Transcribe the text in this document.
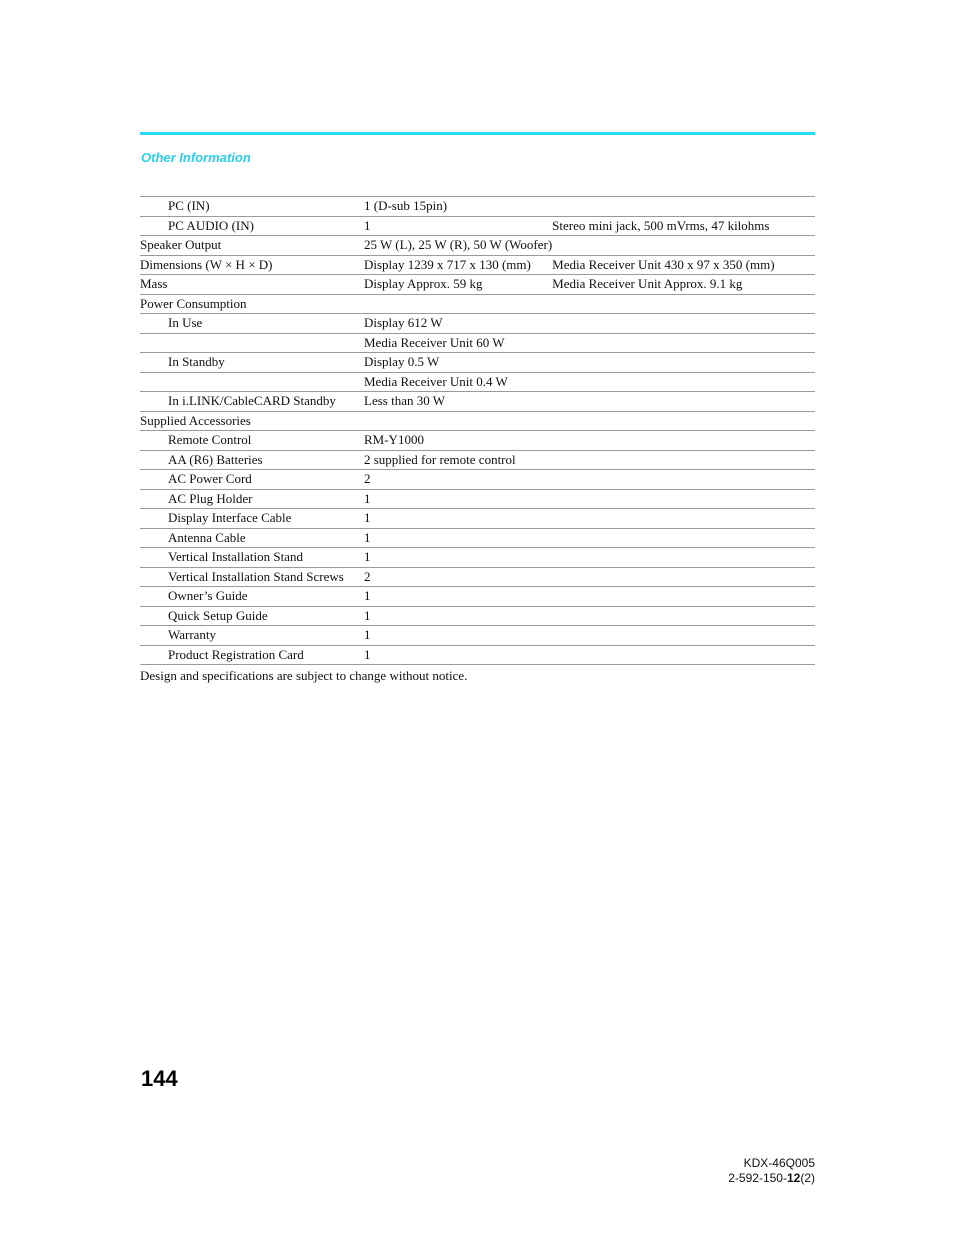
Other Information
PC (IN)	1 (D-sub 15pin)	
PC AUDIO (IN)	1	Stereo mini jack, 500 mVrms, 47 kilohms
Speaker Output	25 W (L), 25 W (R), 50 W (Woofer)	
Dimensions (W × H × D)	Display 1239 x 717 x 130 (mm)	Media Receiver Unit 430 x 97 x 350 (mm)
Mass	Display Approx. 59 kg	Media Receiver Unit Approx. 9.1 kg
Power Consumption		
In Use	Display 612 W	
	Media Receiver Unit 60 W	
In Standby	Display 0.5 W	
	Media Receiver Unit 0.4 W	
In i.LINK/CableCARD Standby	Less than 30 W	
Supplied Accessories		
Remote Control	RM-Y1000	
AA (R6) Batteries	2 supplied for remote control	
AC Power Cord	2	
AC Plug Holder	1	
Display Interface Cable	1	
Antenna Cable	1	
Vertical Installation Stand	1	
Vertical Installation Stand Screws	2	
Owner’s Guide	1	
Quick Setup Guide	1	
Warranty	1	
Product Registration Card	1	
Design and specifications are subject to change without notice.
144
KDX-46Q005
2-592-150-12(2)
